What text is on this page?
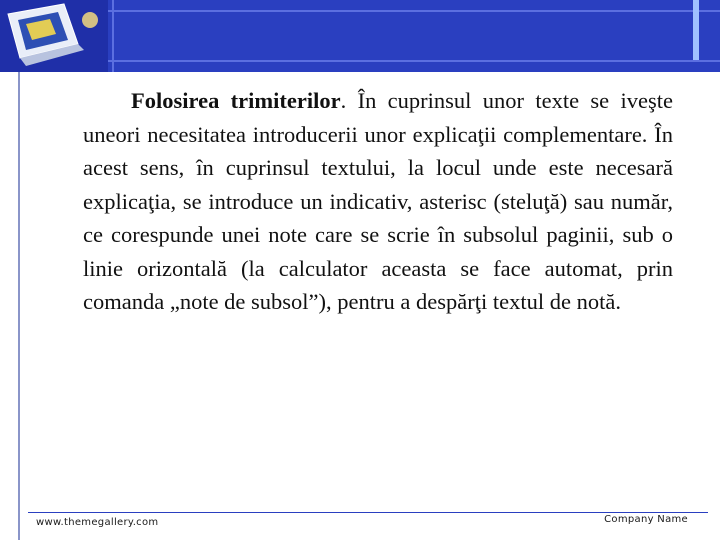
Folosirea trimiterilor. În cuprinsul unor texte se iveşte uneori necesitatea introducerii unor explicaţii complementare. În acest sens, în cuprinsul textului, la locul unde este necesară explicaţia, se introduce un indicativ, asterisc (steluţă) sau număr, ce corespunde unei note care se scrie în subsolul paginii, sub o linie orizontală (la calculator aceasta se face automat, prin comanda „note de subsol”), pentru a despărţi textul de notă.
www.themegallery.com	Company Name
